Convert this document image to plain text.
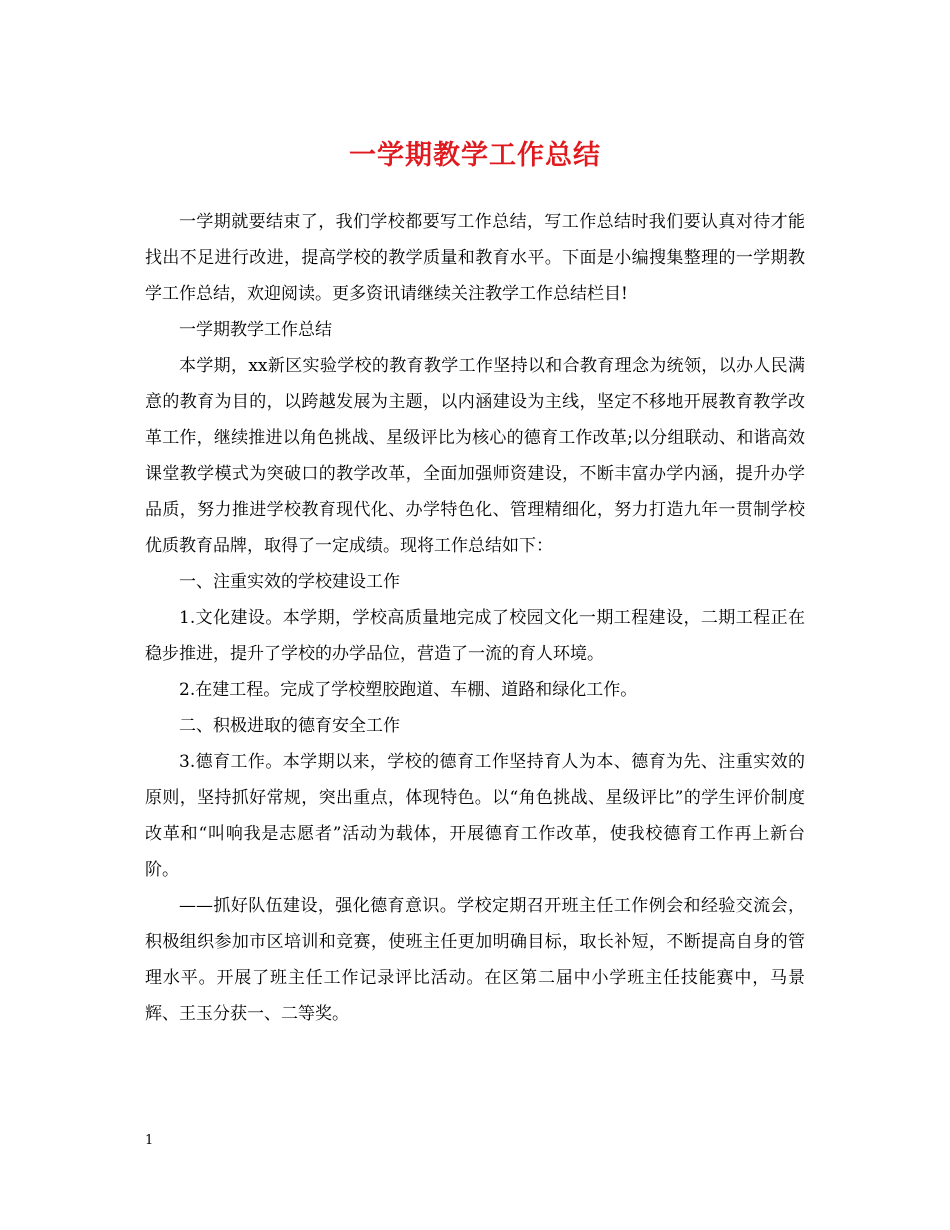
一学期教学工作总结

一学期就要结束了，我们学校都要写工作总结，写工作总结时我们要认真对待才能找出不足进行改进，提高学校的教学质量和教育水平。下面是小编搜集整理的一学期教学工作总结，欢迎阅读。更多资讯请继续关注教学工作总结栏目!

一学期教学工作总结

本学期，xx新区实验学校的教育教学工作坚持以和合教育理念为统领，以办人民满意的教育为目的，以跨越发展为主题，以内涵建设为主线，坚定不移地开展教育教学改革工作，继续推进以角色挑战、星级评比为核心的德育工作改革;以分组联动、和谐高效课堂教学模式为突破口的教学改革，全面加强师资建设，不断丰富办学内涵，提升办学品质，努力推进学校教育现代化、办学特色化、管理精细化，努力打造九年一贯制学校优质教育品牌，取得了一定成绩。现将工作总结如下：

一、注重实效的学校建设工作

1.文化建设。本学期，学校高质量地完成了校园文化一期工程建设，二期工程正在稳步推进，提升了学校的办学品位，营造了一流的育人环境。

2.在建工程。完成了学校塑胶跑道、车棚、道路和绿化工作。

二、积极进取的德育安全工作

3.德育工作。本学期以来，学校的德育工作坚持育人为本、德育为先、注重实效的原则，坚持抓好常规，突出重点，体现特色。以“角色挑战、星级评比”的学生评价制度改革和“叫响我是志愿者”活动为载体，开展德育工作改革，使我校德育工作再上新台阶。

——抓好队伍建设，强化德育意识。学校定期召开班主任工作例会和经验交流会，积极组织参加市区培训和竞赛，使班主任更加明确目标，取长补短，不断提高自身的管理水平。开展了班主任工作记录评比活动。在区第二届中小学班主任技能赛中，马景辉、王玉分获一、二等奖。

1
